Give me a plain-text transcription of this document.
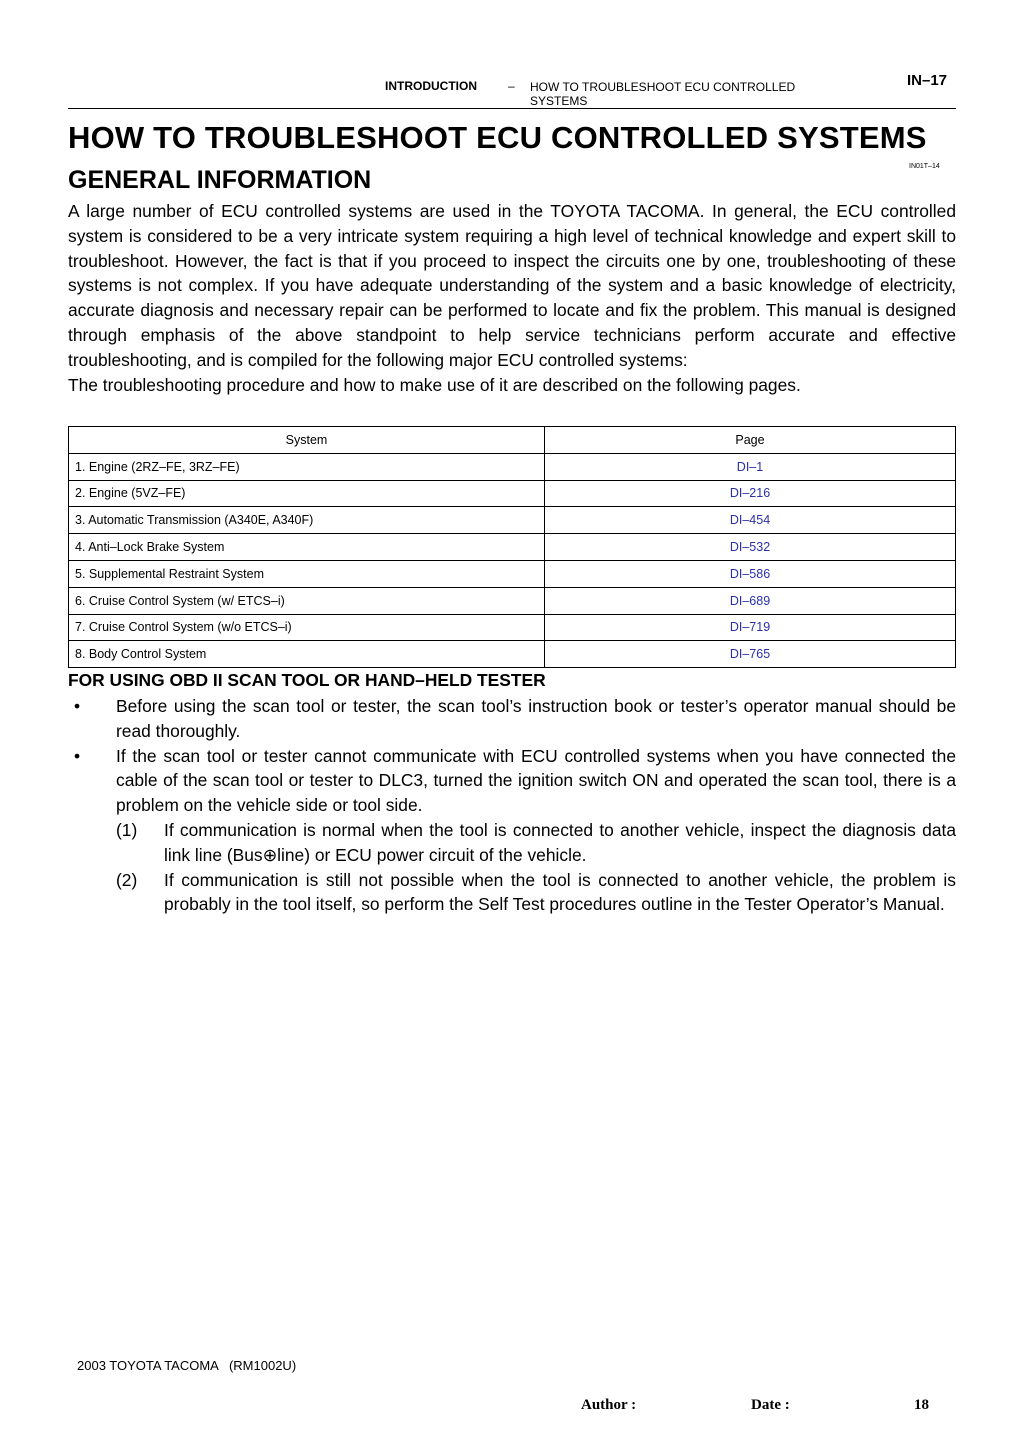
INTRODUCTION	– HOW TO TROUBLESHOOT ECU CONTROLLED SYSTEMS
IN–17
HOW TO TROUBLESHOOT ECU CONTROLLED SYSTEMS
IN01T–14
GENERAL INFORMATION

A large number of ECU controlled systems are used in the TOYOTA TACOMA. In general, the ECU controlled system is considered to be a very intricate system requiring a high level of technical knowledge and expert skill to troubleshoot. However, the fact is that if you proceed to inspect the circuits one by one, troubleshooting of these systems is not complex. If you have adequate understanding of the system and a basic knowledge of electricity, accurate diagnosis and necessary repair can be performed to locate and fix the problem. This manual is designed through emphasis of the above standpoint to help service technicians perform accurate and effective troubleshooting, and is compiled for the following major ECU controlled systems:

The troubleshooting procedure and how to make use of it are described on the following pages.

System	Page
1. Engine (2RZ–FE, 3RZ–FE)	DI–1
2. Engine (5VZ–FE)	DI–216
3. Automatic Transmission (A340E, A340F)	DI–454
4. Anti–Lock Brake System	DI–532
5. Supplemental Restraint System	DI–586
6. Cruise Control System (w/ ETCS–i)	DI–689
7. Cruise Control System (w/o ETCS–i)	DI–719
8. Body Control System	DI–765
FOR USING OBD II SCAN TOOL OR HAND–HELD TESTER
• Before using the scan tool or tester, the scan tool’s instruction book or tester’s operator manual should be read thoroughly.
• If the scan tool or tester cannot communicate with ECU controlled systems when you have connected the cable of the scan tool or tester to DLC3, turned the ignition switch ON and operated the scan tool, there is a problem on the vehicle side or tool side.
(1) If communication is normal when the tool is connected to another vehicle, inspect the diagnosis data link line (Bus⊕line) or ECU power circuit of the vehicle.
(2) If communication is still not possible when the tool is connected to another vehicle, the problem is probably in the tool itself, so perform the Self Test procedures outline in the Tester Operator’s Manual.
2003 TOYOTA TACOMA   (RM1002U)
Author :	Date :	18
